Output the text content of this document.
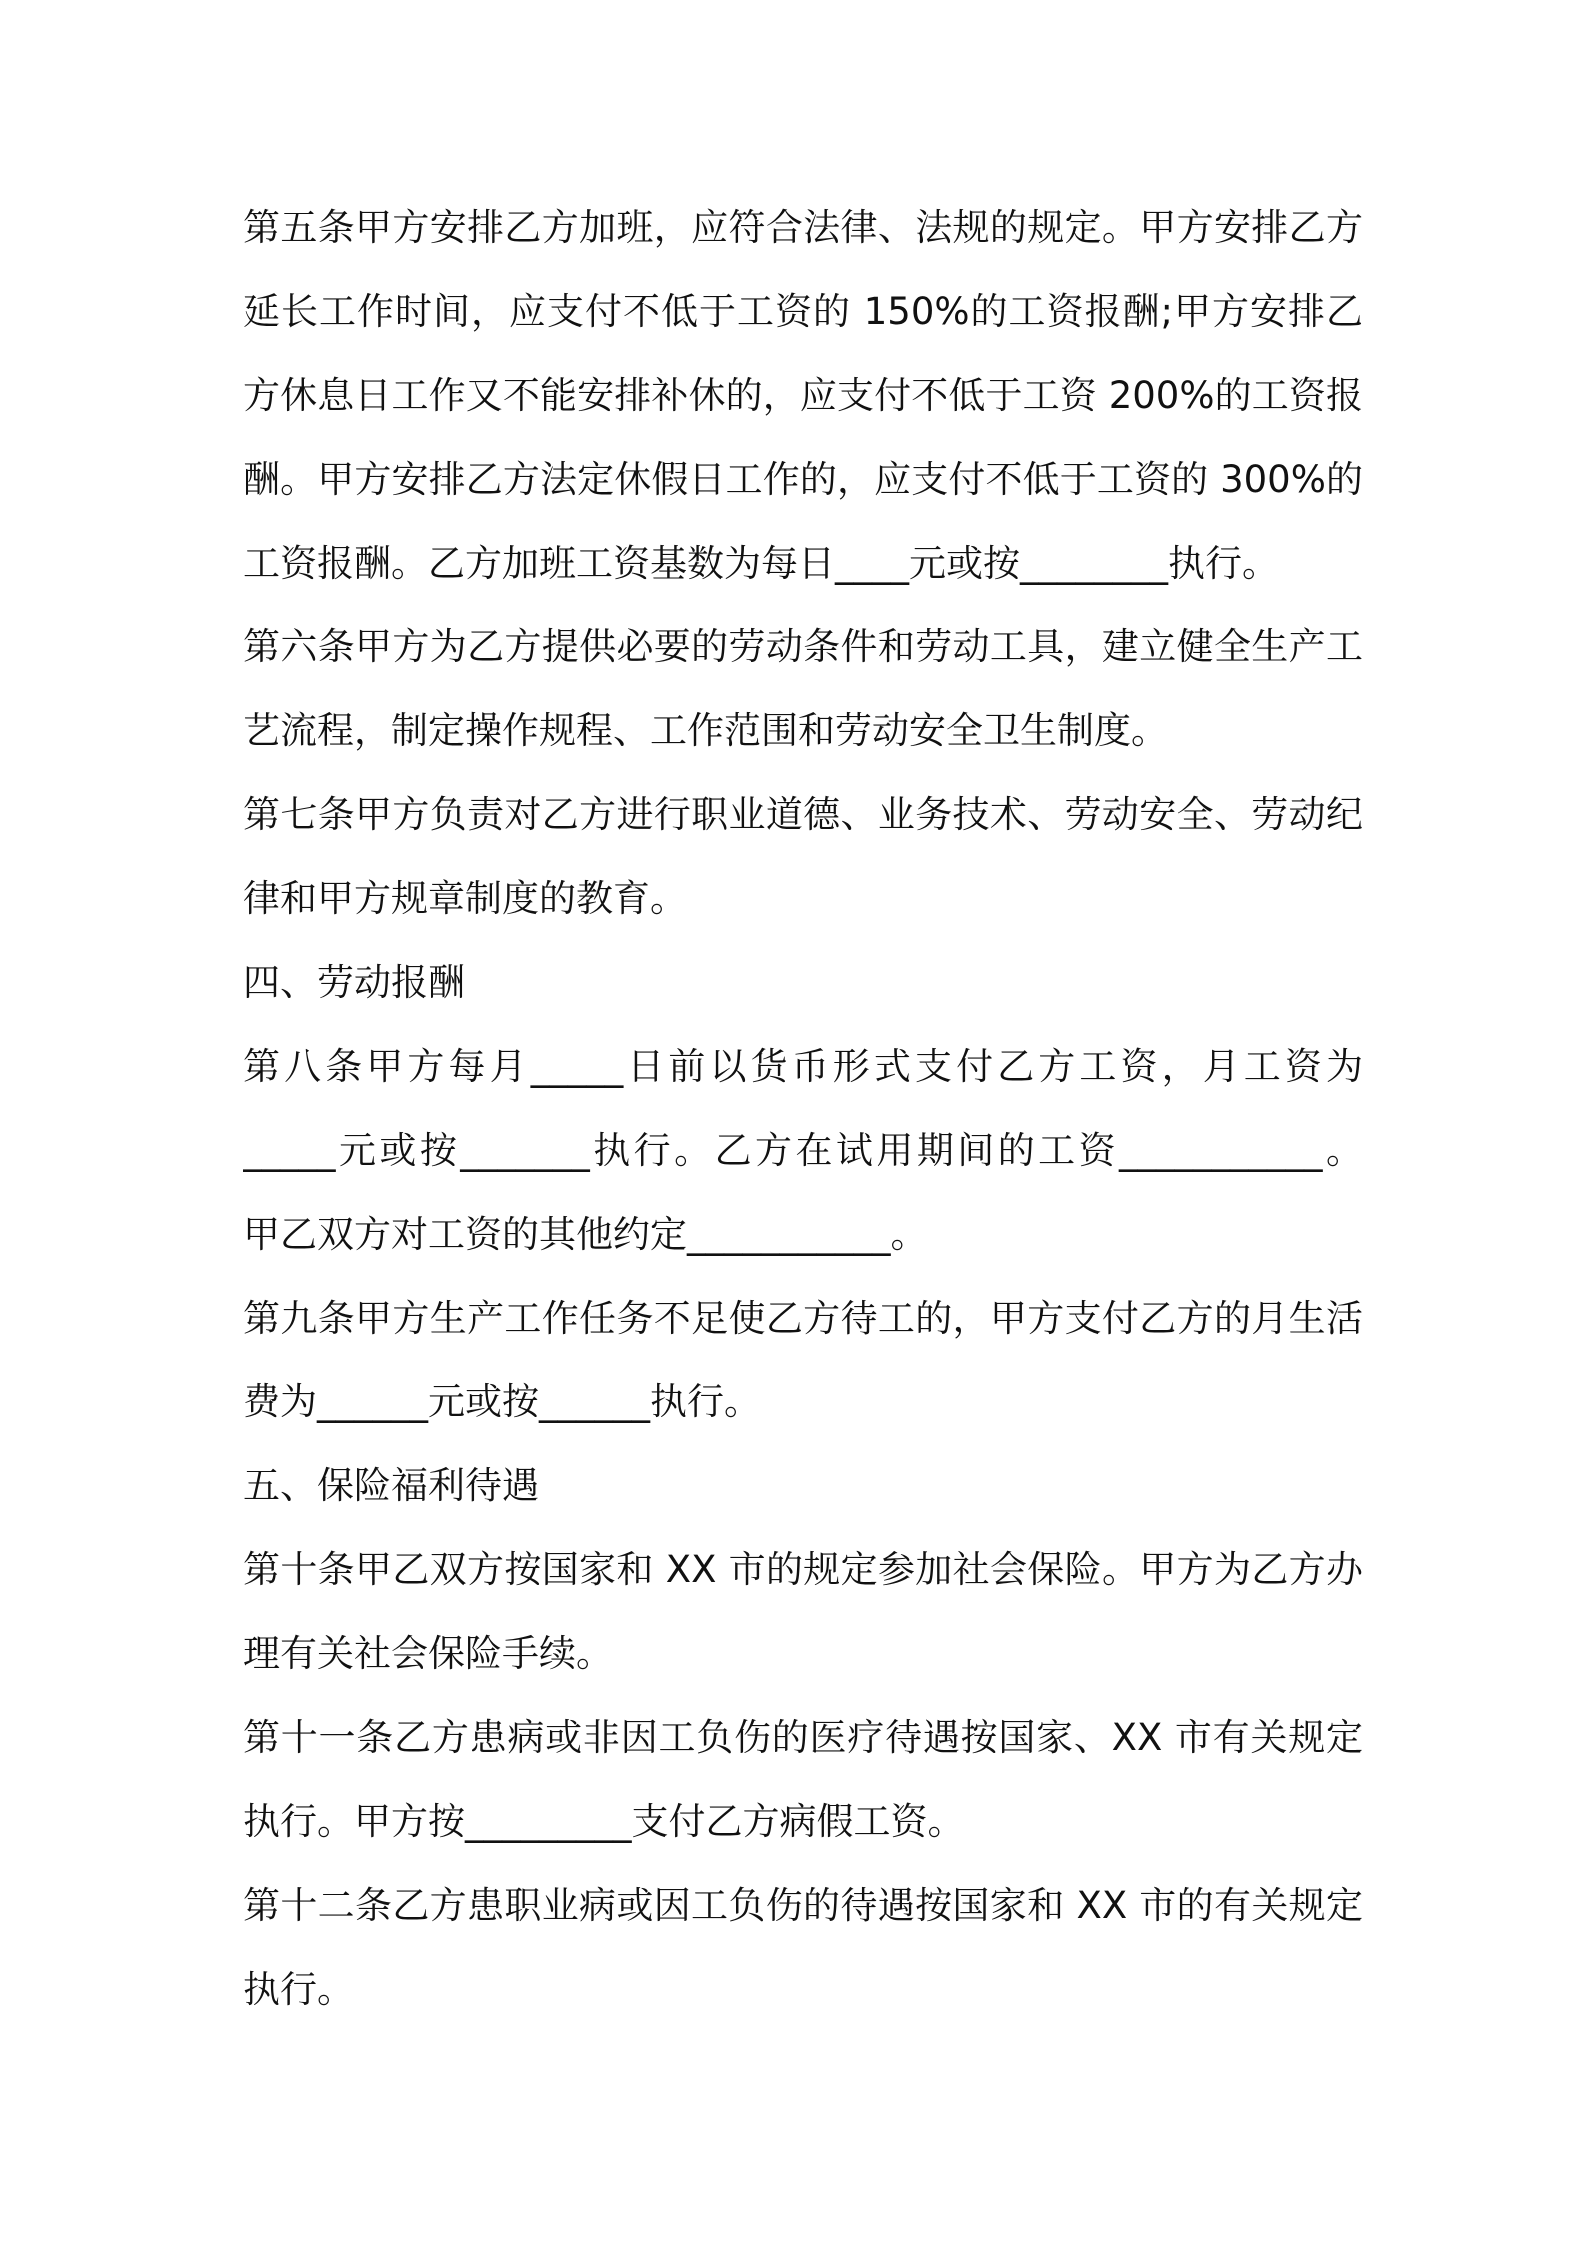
第五条甲方安排乙方加班，应符合法律、法规的规定。甲方安排乙方
延长工作时间，应支付不低于工资的 150%的工资报酬;甲方安排乙
方休息日工作又不能安排补休的，应支付不低于工资 200%的工资报
酬。甲方安排乙方法定休假日工作的，应支付不低于工资的 300%的
工资报酬。乙方加班工资基数为每日____元或按________执行。
第六条甲方为乙方提供必要的劳动条件和劳动工具，建立健全生产工
艺流程，制定操作规程、工作范围和劳动安全卫生制度。
第七条甲方负责对乙方进行职业道德、业务技术、劳动安全、劳动纪
律和甲方规章制度的教育。
四、劳动报酬
第八条甲方每月_____日前以货币形式支付乙方工资，月工资为
_____元或按_______执行。乙方在试用期间的工资___________。
甲乙双方对工资的其他约定___________。
第九条甲方生产工作任务不足使乙方待工的，甲方支付乙方的月生活
费为______元或按______执行。
五、保险福利待遇
第十条甲乙双方按国家和 XX 市的规定参加社会保险。甲方为乙方办
理有关社会保险手续。
第十一条乙方患病或非因工负伤的医疗待遇按国家、XX 市有关规定
执行。甲方按_________支付乙方病假工资。
第十二条乙方患职业病或因工负伤的待遇按国家和 XX 市的有关规定
执行。
